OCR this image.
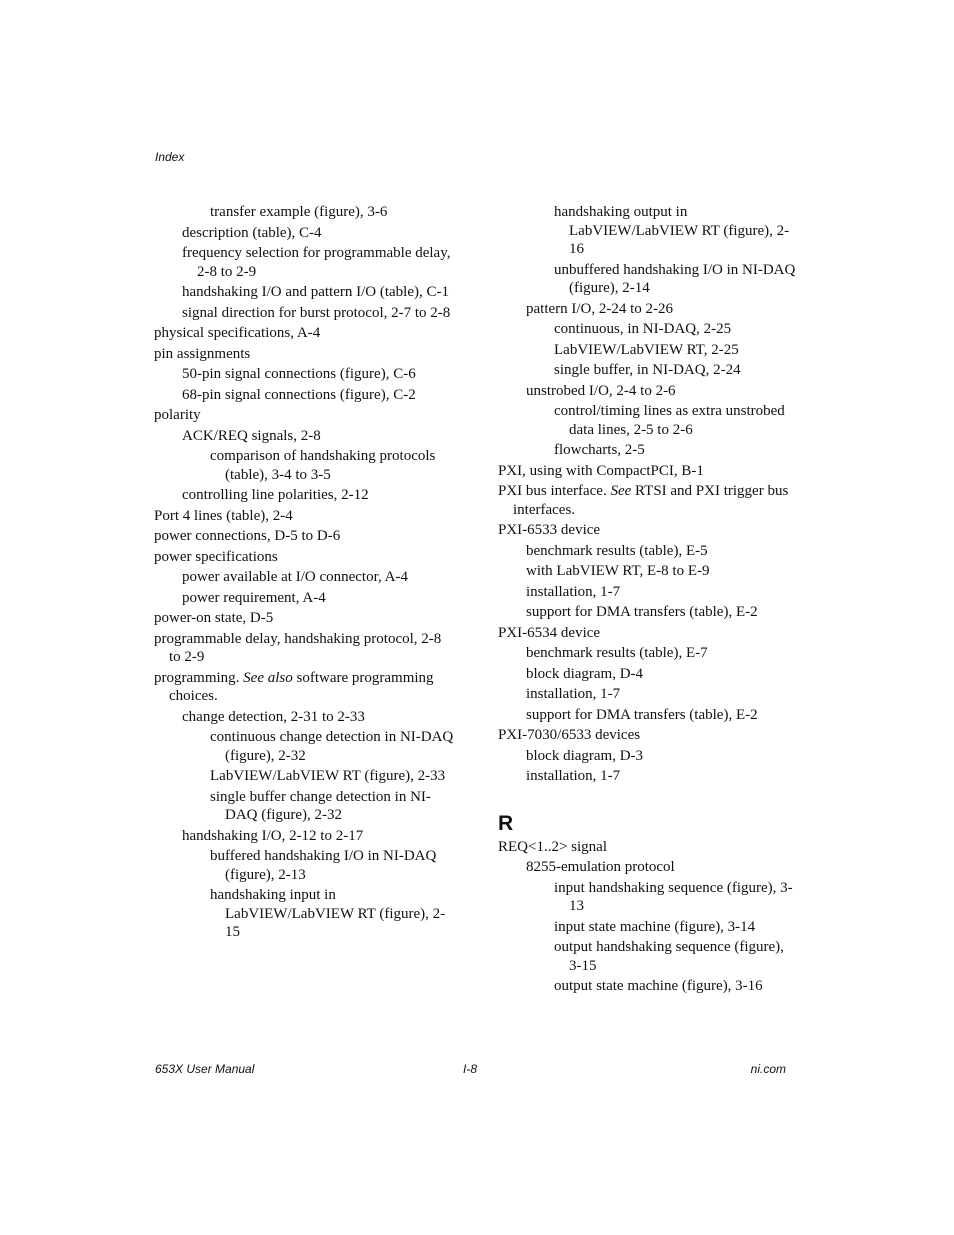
Index
transfer example (figure), 3-6
description (table), C-4
frequency selection for programmable delay, 2-8 to 2-9
handshaking I/O and pattern I/O (table), C-1
signal direction for burst protocol, 2-7 to 2-8
physical specifications, A-4
pin assignments
50-pin signal connections (figure), C-6
68-pin signal connections (figure), C-2
polarity
ACK/REQ signals, 2-8
comparison of handshaking protocols (table), 3-4 to 3-5
controlling line polarities, 2-12
Port 4 lines (table), 2-4
power connections, D-5 to D-6
power specifications
power available at I/O connector, A-4
power requirement, A-4
power-on state, D-5
programmable delay, handshaking protocol, 2-8 to 2-9
programming. See also software programming choices.
change detection, 2-31 to 2-33
continuous change detection in NI-DAQ (figure), 2-32
LabVIEW/LabVIEW RT (figure), 2-33
single buffer change detection in NI-DAQ (figure), 2-32
handshaking I/O, 2-12 to 2-17
buffered handshaking I/O in NI-DAQ (figure), 2-13
handshaking input in LabVIEW/LabVIEW RT (figure), 2-15
handshaking output in LabVIEW/LabVIEW RT (figure), 2-16
unbuffered handshaking I/O in NI-DAQ (figure), 2-14
pattern I/O, 2-24 to 2-26
continuous, in NI-DAQ, 2-25
LabVIEW/LabVIEW RT, 2-25
single buffer, in NI-DAQ, 2-24
unstrobed I/O, 2-4 to 2-6
control/timing lines as extra unstrobed data lines, 2-5 to 2-6
flowcharts, 2-5
PXI, using with CompactPCI, B-1
PXI bus interface. See RTSI and PXI trigger bus interfaces.
PXI-6533 device
benchmark results (table), E-5
with LabVIEW RT, E-8 to E-9
installation, 1-7
support for DMA transfers (table), E-2
PXI-6534 device
benchmark results (table), E-7
block diagram, D-4
installation, 1-7
support for DMA transfers (table), E-2
PXI-7030/6533 devices
block diagram, D-3
installation, 1-7
R
REQ<1..2> signal
8255-emulation protocol
input handshaking sequence (figure), 3-13
input state machine (figure), 3-14
output handshaking sequence (figure), 3-15
output state machine (figure), 3-16
653X User Manual	I-8	ni.com
